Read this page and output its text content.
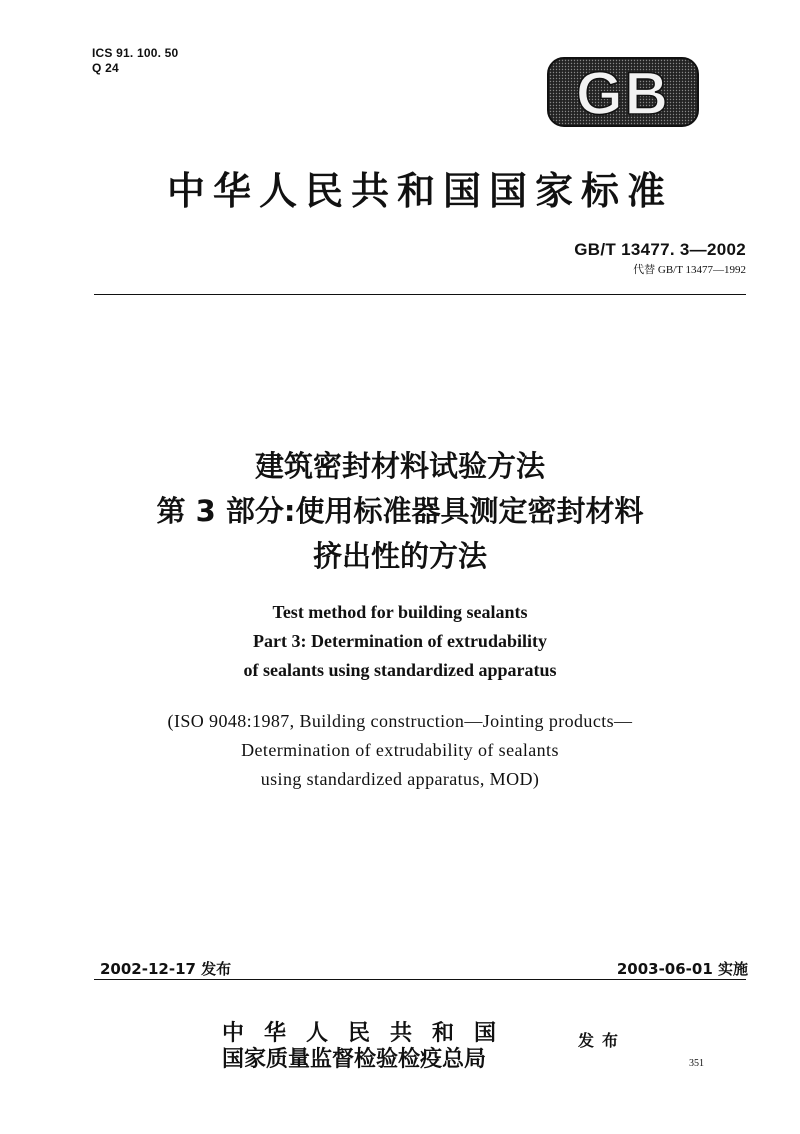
ICS 91. 100. 50
Q 24	GB
中华人民共和国国家标准
GB/T 13477. 3—2002
代替 GB/T 13477—1992
建筑密封材料试验方法
第 3 部分:使用标准器具测定密封材料
挤出性的方法
Test method for building sealants
Part 3: Determination of extrudability
of sealants using standardized apparatus
(ISO 9048:1987, Building construction—Jointing products—
Determination of extrudability of sealants
using standardized apparatus, MOD)
2002-12-17 发布	2003-06-01 实施
中华人民共和国
国家质量监督检验检疫总局
发布
351
